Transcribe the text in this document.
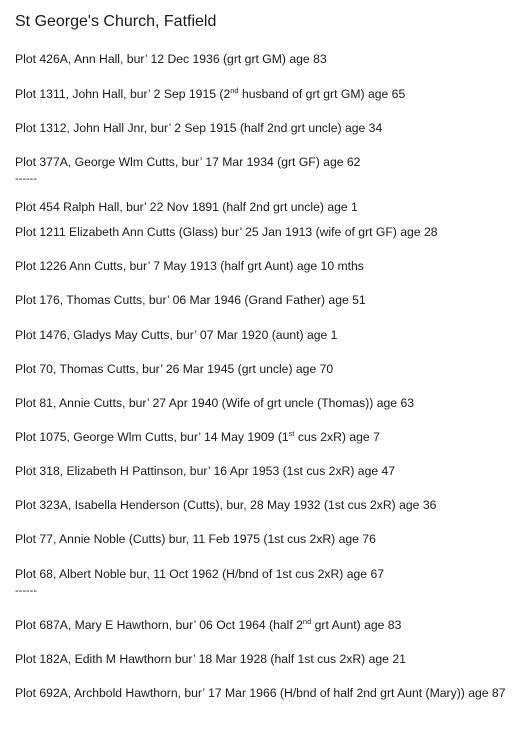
St George's Church, Fatfield
Plot 426A, Ann Hall, bur’ 12 Dec 1936 (grt grt GM) age 83
Plot 1311, John Hall, bur’ 2 Sep 1915 (2nd husband of grt grt GM) age 65
Plot 1312, John Hall Jnr, bur’ 2 Sep 1915 (half 2nd grt uncle) age 34
Plot 377A, George Wlm Cutts, bur’ 17 Mar 1934 (grt GF) age 62
------
Plot 454 Ralph Hall, bur’ 22 Nov 1891 (half 2nd grt uncle) age 1
Plot 1211 Elizabeth Ann Cutts (Glass) bur’ 25 Jan 1913 (wife of grt GF) age 28
Plot 1226 Ann Cutts, bur’ 7 May 1913 (half grt Aunt) age 10 mths
Plot 176, Thomas Cutts, bur’ 06 Mar 1946 (Grand Father) age 51
Plot 1476, Gladys May Cutts, bur’ 07 Mar 1920 (aunt) age 1
Plot 70, Thomas Cutts, bur’ 26 Mar 1945 (grt uncle) age 70
Plot 81, Annie Cutts, bur’ 27 Apr 1940 (Wife of grt uncle (Thomas)) age 63
Plot 1075, George Wlm Cutts, bur’ 14 May 1909 (1st cus 2xR) age 7
Plot 318, Elizabeth H Pattinson, bur’ 16 Apr 1953 (1st cus 2xR) age 47
Plot 323A, Isabella Henderson (Cutts), bur, 28 May 1932 (1st cus 2xR) age 36
Plot 77, Annie Noble (Cutts) bur, 11 Feb 1975 (1st cus 2xR) age 76
Plot 68, Albert Noble bur, 11 Oct 1962 (H/bnd of 1st cus 2xR) age 67
------
Plot 687A, Mary E Hawthorn, bur’ 06 Oct 1964 (half 2nd grt Aunt) age 83
Plot 182A, Edith M Hawthorn bur’ 18 Mar 1928 (half 1st cus 2xR) age 21
Plot 692A, Archbold Hawthorn, bur’ 17 Mar 1966 (H/bnd of half 2nd grt Aunt (Mary)) age 87
